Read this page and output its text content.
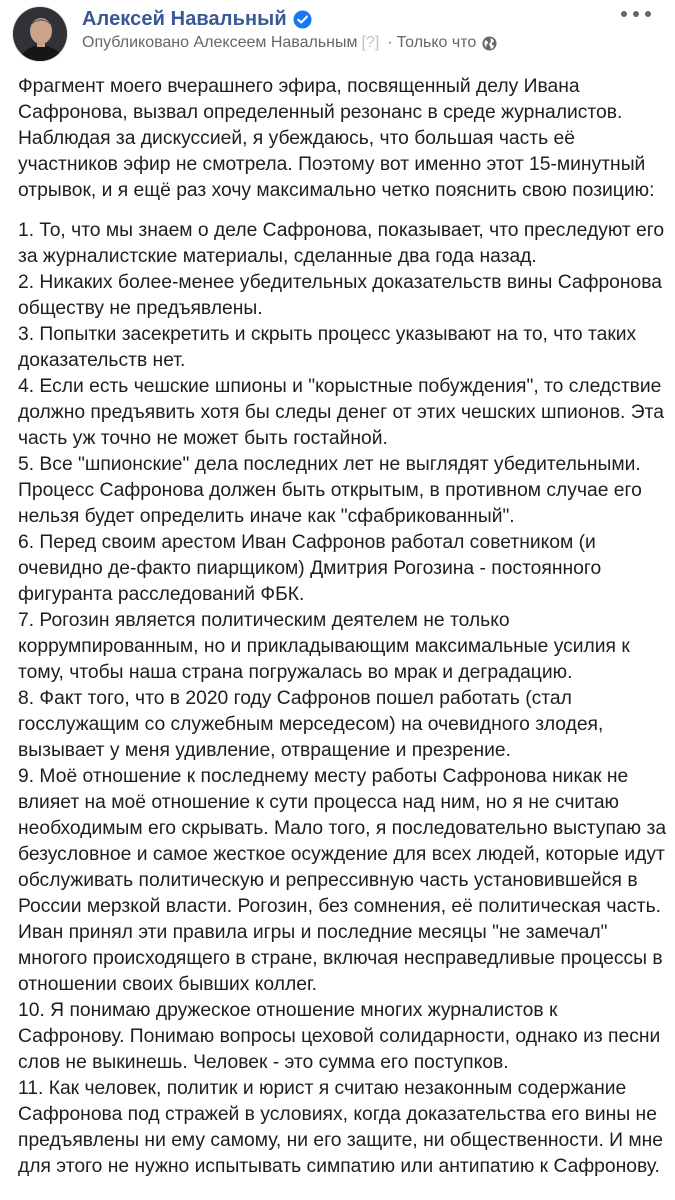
Алексей Навальный
Опубликовано Алексеем Навальным [?] · Только что

Фрагмент моего вчерашнего эфира, посвященный делу Ивана Сафронова, вызвал определенный резонанс в среде журналистов. Наблюдая за дискуссией, я убеждаюсь, что большая часть её участников эфир не смотрела. Поэтому вот именно этот 15-минутный отрывок, и я ещё раз хочу максимально четко пояснить свою позицию:

1. То, что мы знаем о деле Сафронова, показывает, что преследуют его за журналистские материалы, сделанные два года назад.

2. Никаких более-менее убедительных доказательств вины Сафронова обществу не предъявлены.

3. Попытки засекретить и скрыть процесс указывают на то, что таких доказательств нет.

4. Если есть чешские шпионы и "корыстные побуждения", то следствие должно предъявить хотя бы следы денег от этих чешских шпионов. Эта часть уж точно не может быть гостайной.

5. Все "шпионские" дела последних лет не выглядят убедительными. Процесс Сафронова должен быть открытым, в противном случае его нельзя будет определить иначе как "сфабрикованный".

6. Перед своим арестом Иван Сафронов работал советником (и очевидно де-факто пиарщиком) Дмитрия Рогозина - постоянного фигуранта расследований ФБК.

7. Рогозин является политическим деятелем не только коррумпированным, но и прикладывающим максимальные усилия к тому, чтобы наша страна погружалась во мрак и деградацию.

8. Факт того, что в 2020 году Сафронов пошел работать (стал госслужащим со служебным мерседесом) на очевидного злодея, вызывает у меня удивление, отвращение и презрение.

9. Моё отношение к последнему месту работы Сафронова никак не влияет на моё отношение к сути процесса над ним, но я не считаю необходимым его скрывать. Мало того, я последовательно выступаю за безусловное и самое жесткое осуждение для всех людей, которые идут обслуживать политическую и репрессивную часть установившейся в России мерзкой власти. Рогозин, без сомнения, её политическая часть. Иван принял эти правила игры и последние месяцы "не замечал" многого происходящего в стране, включая несправедливые процессы в отношении своих бывших коллег.

10. Я понимаю дружеское отношение многих журналистов к Сафронову. Понимаю вопросы цеховой солидарности, однако из песни слов не выкинешь. Человек - это сумма его поступков.

11. Как человек, политик и юрист я считаю незаконным содержание Сафронова под стражей в условиях, когда доказательства его вины не предъявлены ни ему самому, ни его защите, ни общественности. И мне для этого не нужно испытывать симпатию или антипатию к Сафронову.
